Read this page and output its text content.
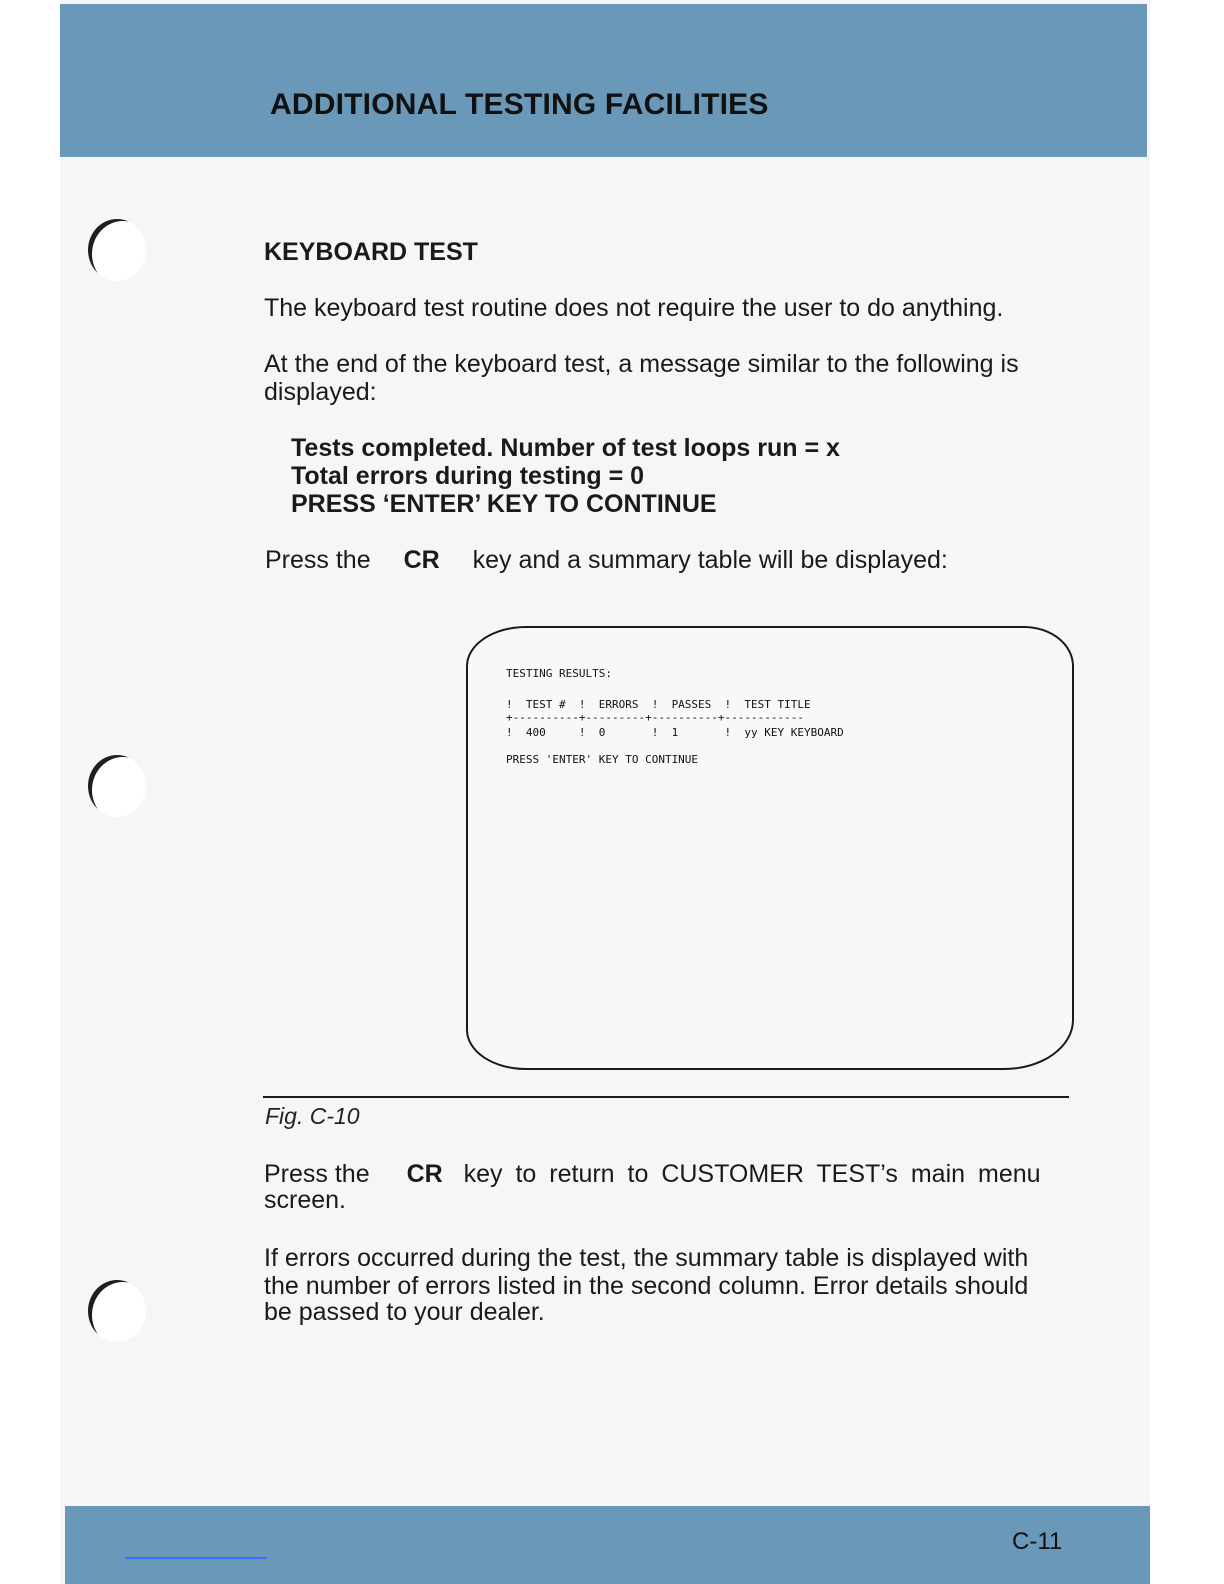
ADDITIONAL TESTING FACILITIES
KEYBOARD TEST
The keyboard test routine does not require the user to do anything.
At the end of the keyboard test, a message similar to the following is
displayed:
Tests completed. Number of test loops run = x
Total errors during testing = 0
PRESS ‘ENTER’ KEY TO CONTINUE
Press the CR key and a summary table will be displayed:
TESTING RESULTS:
!  TEST #  !  ERRORS  !  PASSES  !  TEST TITLE
+----------+---------+----------+------------
!  400     !  0       !  1       !  yy KEY KEYBOARD
PRESS 'ENTER' KEY TO CONTINUE
Fig. C-10
Press the CR key to return to CUSTOMER TEST’s main menu
screen.
If errors occurred during the test, the summary table is displayed with
the number of errors listed in the second column. Error details should
be passed to your dealer.
C-11
